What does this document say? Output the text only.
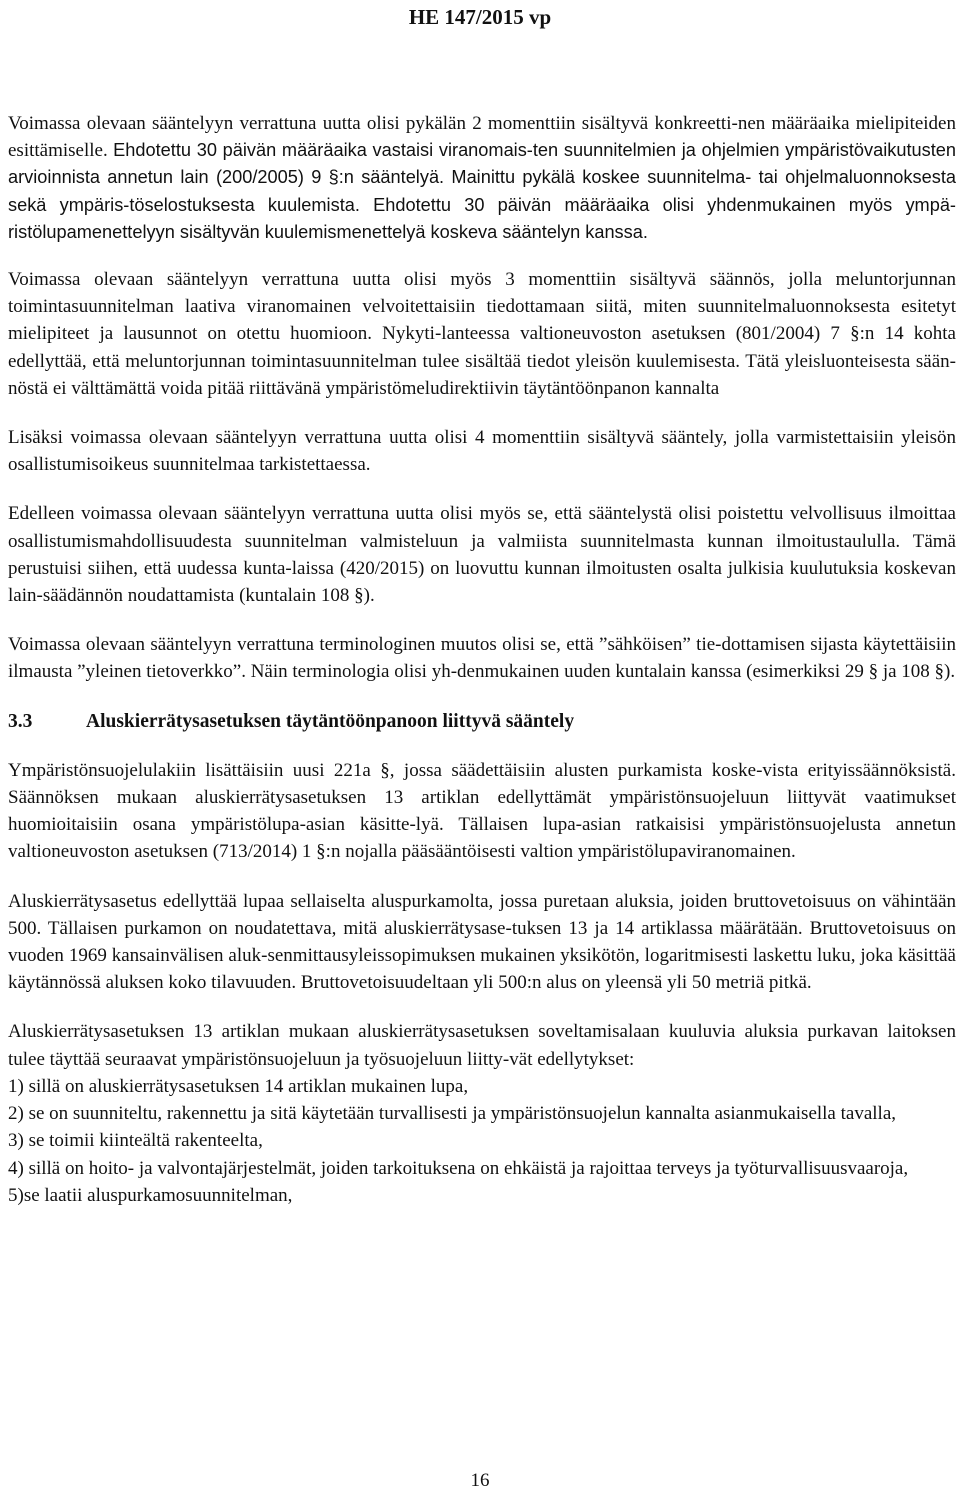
HE 147/2015 vp

Voimassa olevaan sääntelyyn verrattuna uutta olisi pykälän 2 momenttiin sisältyvä konkreetti-nen määräaika mielipiteiden esittämiselle. Ehdotettu 30 päivän määräaika vastaisi viranomais-ten suunnitelmien ja ohjelmien ympäristövaikutusten arvioinnista annetun lain (200/2005) 9 §:n sääntelyä. Mainittu pykälä koskee suunnitelma- tai ohjelmaluonnoksesta sekä ympäris-töselostuksesta kuulemista. Ehdotettu 30 päivän määräaika olisi yhdenmukainen myös ympä-ristölupamenettelyyn sisältyvän kuulemismenettelyä koskeva sääntelyn kanssa.

Voimassa olevaan sääntelyyn verrattuna uutta olisi myös 3 momenttiin sisältyvä säännös, jolla meluntorjunnan toimintasuunnitelman laativa viranomainen velvoitettaisiin tiedottamaan siitä, miten suunnitelmaluonnoksesta esitetyt mielipiteet ja lausunnot on otettu huomioon. Nykyti-lanteessa valtioneuvoston asetuksen (801/2004) 7 §:n 14 kohta edellyttää, että meluntorjunnan toimintasuunnitelman tulee sisältää tiedot yleisön kuulemisesta. Tätä yleisluonteisesta sään-nöstä ei välttämättä voida pitää riittävänä ympäristömeludirektiivin täytäntöönpanon kannalta

Lisäksi voimassa olevaan sääntelyyn verrattuna uutta olisi 4 momenttiin sisältyvä sääntely, jolla varmistettaisiin yleisön osallistumisoikeus suunnitelmaa tarkistettaessa.

Edelleen voimassa olevaan sääntelyyn verrattuna uutta olisi myös se, että sääntelystä olisi poistettu velvollisuus ilmoittaa osallistumismahdollisuudesta suunnitelman valmisteluun ja valmiista suunnitelmasta kunnan ilmoitustaululla. Tämä perustuisi siihen, että uudessa kunta-laissa (420/2015) on luovuttu kunnan ilmoitusten osalta julkisia kuulutuksia koskevan lain-säädännön noudattamista (kuntalain 108 §).

Voimassa olevaan sääntelyyn verrattuna terminologinen muutos olisi se, että ”sähköisen” tie-dottamisen sijasta käytettäisiin ilmausta ”yleinen tietoverkko”. Näin terminologia olisi yh-denmukainen uuden kuntalain kanssa (esimerkiksi 29 § ja 108 §).

3.3	Aluskierrätysasetuksen täytäntöönpanoon liittyvä sääntely

Ympäristönsuojelulakiin lisättäisiin uusi 221a §, jossa säädettäisiin alusten purkamista koske-vista erityissäännöksistä. Säännöksen mukaan aluskierrätysasetuksen 13 artiklan edellyttämät ympäristönsuojeluun liittyvät vaatimukset huomioitaisiin osana ympäristölupa-asian käsitte-lyä. Tällaisen lupa-asian ratkaisisi ympäristönsuojelusta annetun valtioneuvoston asetuksen (713/2014) 1 §:n nojalla pääsääntöisesti valtion ympäristölupaviranomainen.

Aluskierrätysasetus edellyttää lupaa sellaiselta aluspurkamolta, jossa puretaan aluksia, joiden bruttovetoisuus on vähintään 500. Tällaisen purkamon on noudatettava, mitä aluskierrätysase-tuksen 13 ja 14 artiklassa määrätään. Bruttovetoisuus on vuoden 1969 kansainvälisen aluk-senmittausyleissopimuksen mukainen yksikötön, logaritmisesti laskettu luku, joka käsittää käytännössä aluksen koko tilavuuden. Bruttovetoisuudeltaan yli 500:n alus on yleensä yli 50 metriä pitkä.

Aluskierrätysasetuksen 13 artiklan mukaan aluskierrätysasetuksen soveltamisalaan kuuluvia aluksia purkavan laitoksen tulee täyttää seuraavat ympäristönsuojeluun ja työsuojeluun liitty-vät edellytykset:
1) sillä on aluskierrätysasetuksen 14 artiklan mukainen lupa,
2) se on suunniteltu, rakennettu ja sitä käytetään turvallisesti ja ympäristönsuojelun kannalta asianmukaisella tavalla,
3) se toimii kiinteältä rakenteelta,
4) sillä on hoito- ja valvontajärjestelmät, joiden tarkoituksena on ehkäistä ja rajoittaa terveys ja työturvallisuusvaaroja,
5)se laatii aluspurkamosuunnitelman,
16
